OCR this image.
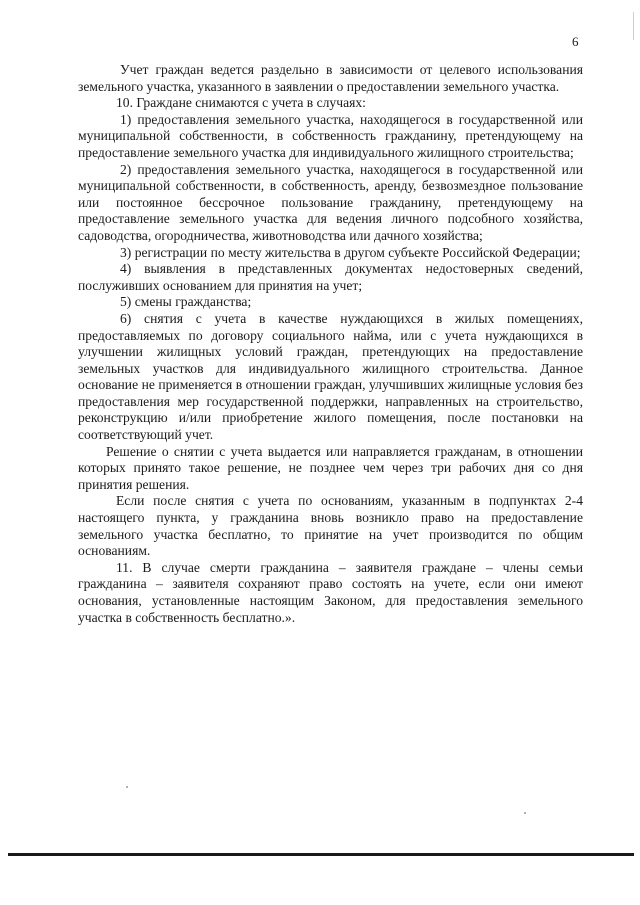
6

Учет граждан ведется раздельно в зависимости от целевого использования земельного участка, указанного в заявлении о предоставлении земельного участка.

10. Граждане снимаются с учета в случаях:

1) предоставления земельного участка, находящегося в государственной или муниципальной собственности, в собственность гражданину, претендующему на предоставление земельного участка для индивидуального жилищного строительства;

2) предоставления земельного участка, находящегося в государственной или муниципальной собственности, в собственность, аренду, безвозмездное пользование или постоянное бессрочное пользование гражданину, претендующему на предоставление земельного участка для ведения личного подсобного хозяйства, садоводства, огородничества, животноводства или дачного хозяйства;

3) регистрации по месту жительства в другом субъекте Российской Федерации;

4) выявления в представленных документах недостоверных сведений, послуживших основанием для принятия на учет;

5) смены гражданства;

6) снятия с учета в качестве нуждающихся в жилых помещениях, предоставляемых по договору социального найма, или с учета нуждающихся в улучшении жилищных условий граждан, претендующих на предоставление земельных участков для индивидуального жилищного строительства. Данное основание не применяется в отношении граждан, улучшивших жилищные условия без предоставления мер государственной поддержки, направленных на строительство, реконструкцию и/или приобретение жилого помещения, после постановки на соответствующий учет.

Решение о снятии с учета выдается или направляется гражданам, в отношении которых принято такое решение, не позднее чем через три рабочих дня со дня принятия решения.

Если после снятия с учета по основаниям, указанным в подпунктах 2-4 настоящего пункта, у гражданина вновь возникло право на предоставление земельного участка бесплатно, то принятие на учет производится по общим основаниям.

11. В случае смерти гражданина – заявителя граждане – члены семьи гражданина – заявителя сохраняют право состоять на учете, если они имеют основания, установленные настоящим Законом, для предоставления земельного участка в собственность бесплатно.».
